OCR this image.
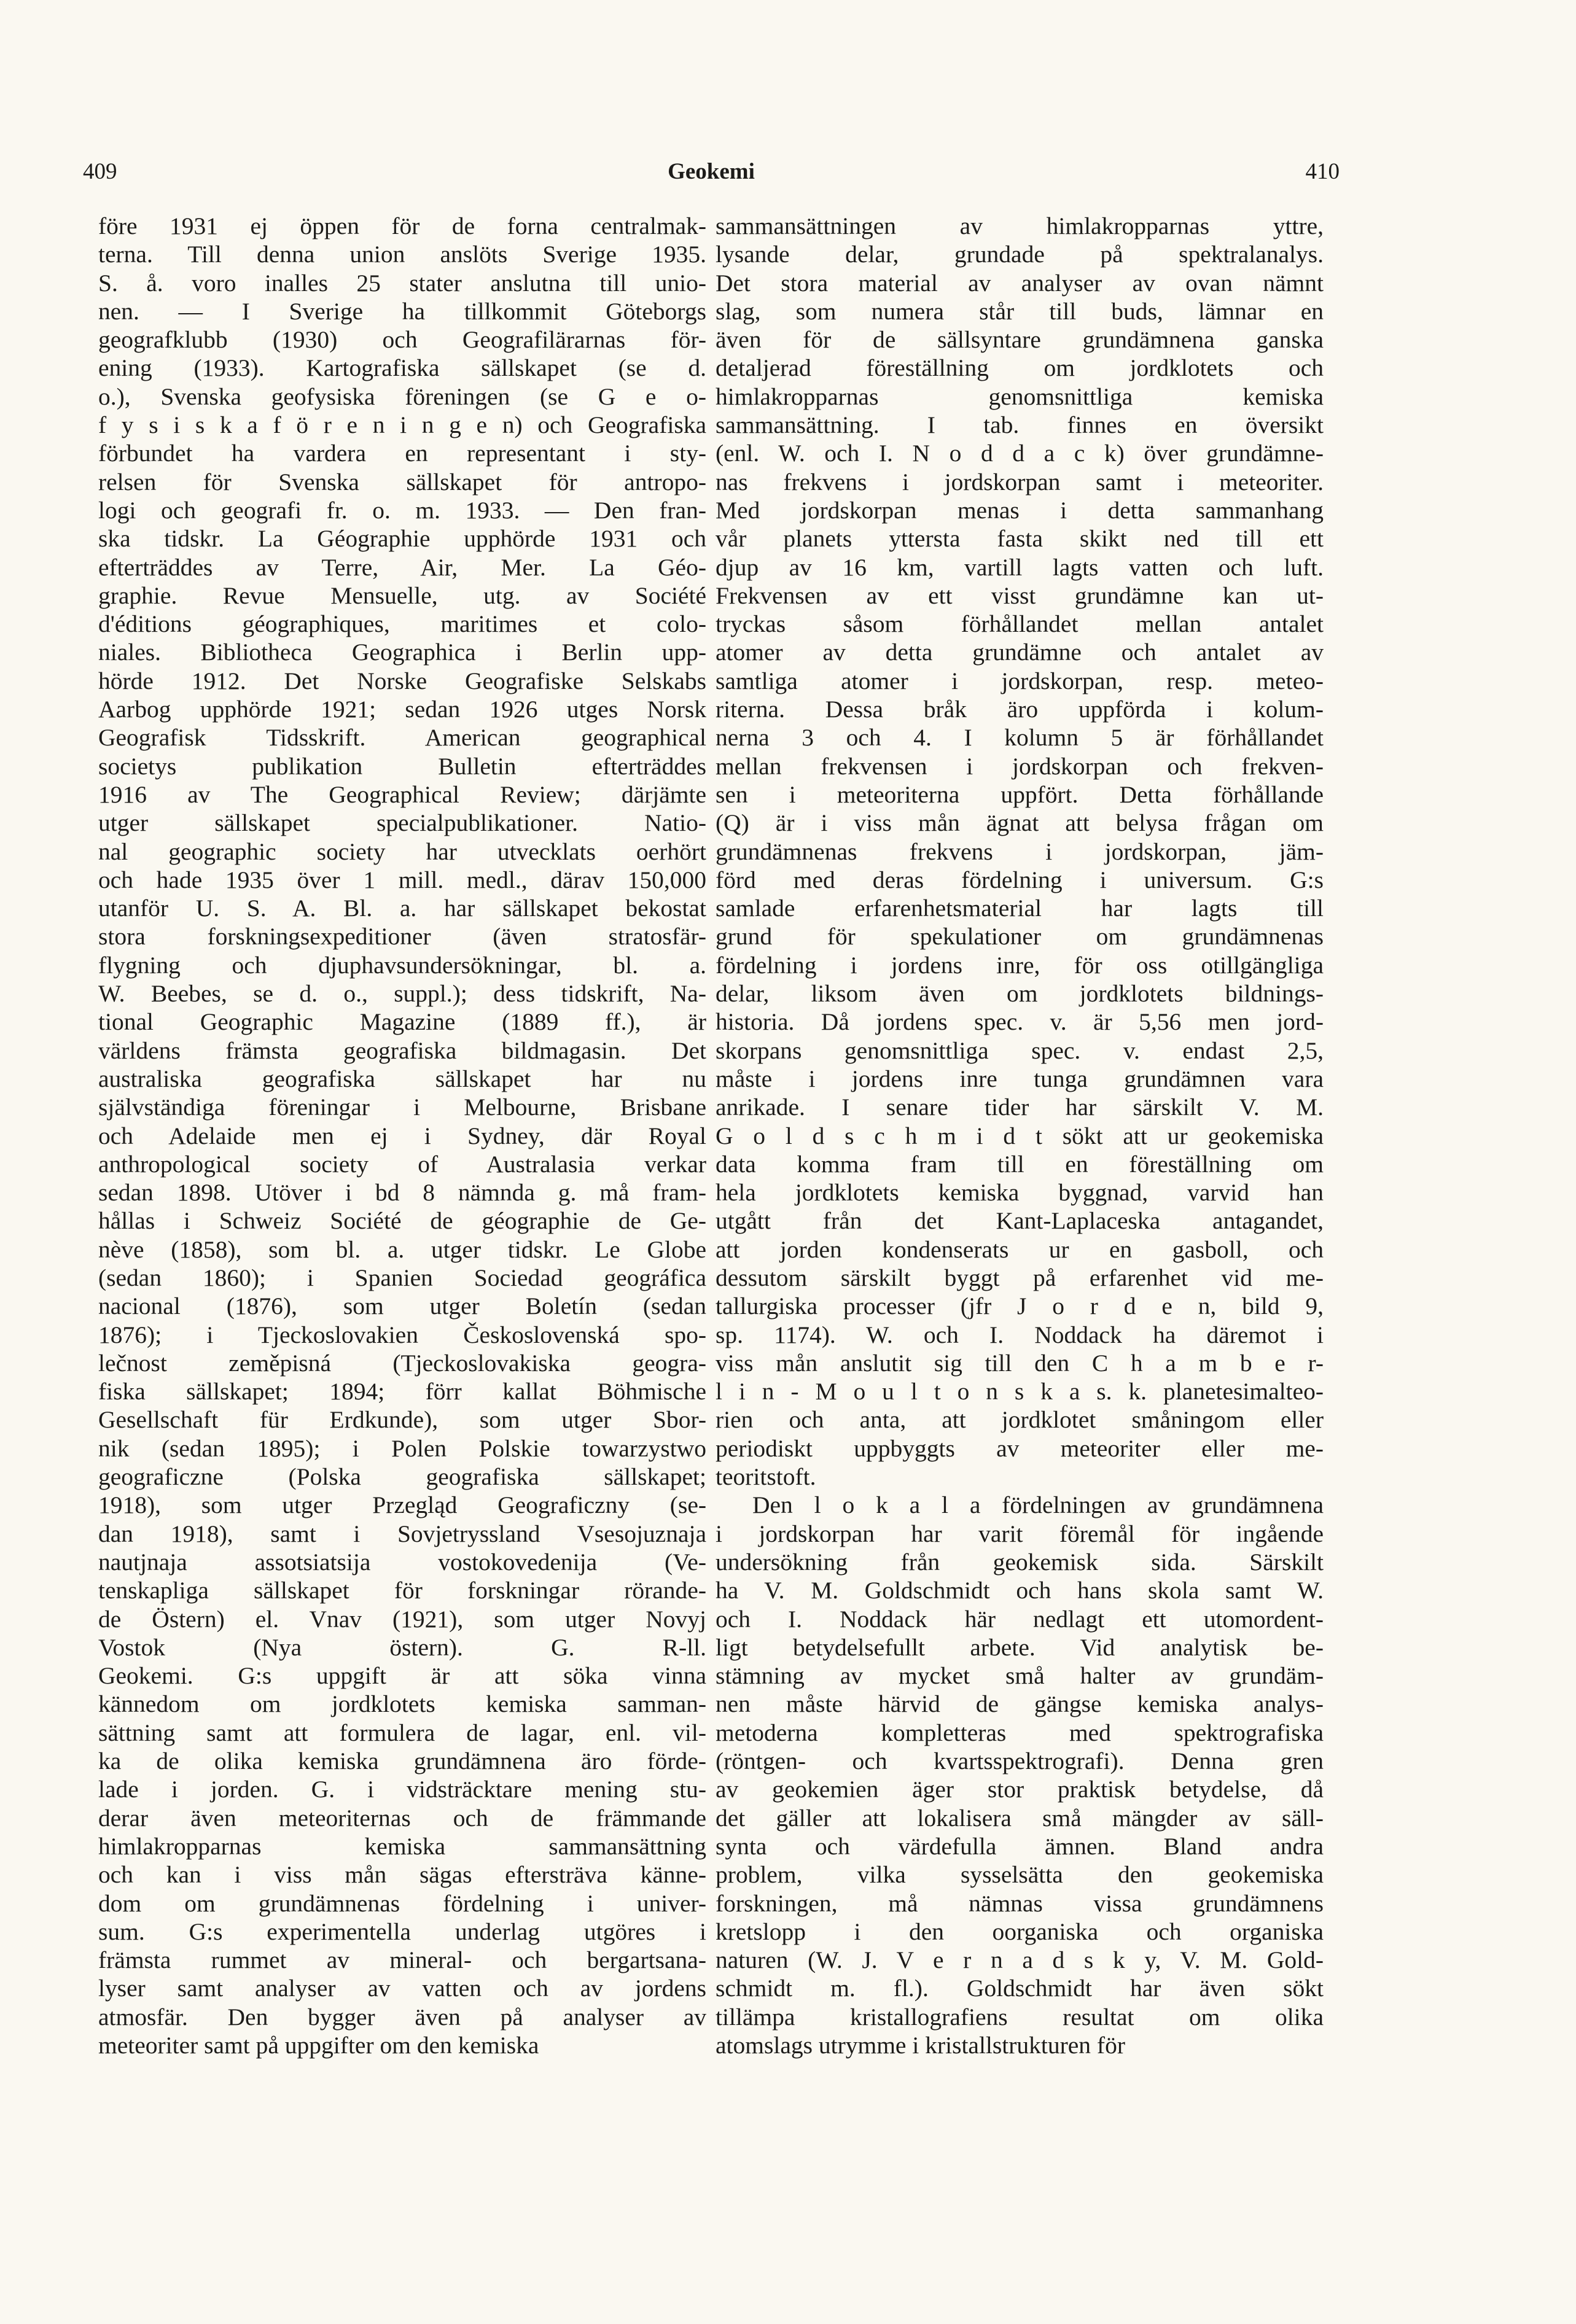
409	Geokemi	410
före 1931 ej öppen för de forna centralmak-
terna. Till denna union anslöts Sverige 1935.
S. å. voro inalles 25 stater anslutna till unio-
nen. — I Sverige ha tillkommit Göteborgs
geografklubb (1930) och Geografilärarnas för-
ening (1933). Kartografiska sällskapet (se d.
o.), Svenska geofysiska föreningen (se G e o-
f y s i s k a f ö r e n i n g e n) och Geografiska
förbundet ha vardera en representant i sty-
relsen för Svenska sällskapet för antropo-
logi och geografi fr. o. m. 1933. — Den fran-
ska tidskr. La Géographie upphörde 1931 och
efterträddes av Terre, Air, Mer. La Géo-
graphie. Revue Mensuelle, utg. av Société
d'éditions géographiques, maritimes et colo-
niales. Bibliotheca Geographica i Berlin upp-
hörde 1912. Det Norske Geografiske Selskabs
Aarbog upphörde 1921; sedan 1926 utges Norsk
Geografisk Tidsskrift. American geographical
societys publikation Bulletin efterträddes
1916 av The Geographical Review; därjämte
utger sällskapet specialpublikationer. Natio-
nal geographic society har utvecklats oerhört
och hade 1935 över 1 mill. medl., därav 150,000
utanför U. S. A. Bl. a. har sällskapet bekostat
stora forskningsexpeditioner (även stratosfär-
flygning och djuphavsundersökningar, bl. a.
W. Beebes, se d. o., suppl.); dess tidskrift, Na-
tional Geographic Magazine (1889 ff.), är
världens främsta geografiska bildmagasin. Det
australiska geografiska sällskapet har nu
självständiga föreningar i Melbourne, Brisbane
och Adelaide men ej i Sydney, där Royal
anthropological society of Australasia verkar
sedan 1898. Utöver i bd 8 nämnda g. må fram-
hållas i Schweiz Société de géographie de Ge-
nève (1858), som bl. a. utger tidskr. Le Globe
(sedan 1860); i Spanien Sociedad geográfica
nacional (1876), som utger Boletín (sedan
1876); i Tjeckoslovakien Československá spo-
lečnost zeměpisná (Tjeckoslovakiska geogra-
fiska sällskapet; 1894; förr kallat Böhmische
Gesellschaft für Erdkunde), som utger Sbor-
nik (sedan 1895); i Polen Polskie towarzystwo
geograficzne (Polska geografiska sällskapet;
1918), som utger Przegląd Geograficzny (se-
dan 1918), samt i Sovjetryssland Vsesojuznaja
nautjnaja assotsiatsija vostokovedenija (Ve-
tenskapliga sällskapet för forskningar rörande-
de Östern) el. Vnav (1921), som utger Novyj
Vostok (Nya östern). G. R-ll.
Geokemi. G:s uppgift är att söka vinna
kännedom om jordklotets kemiska samman-
sättning samt att formulera de lagar, enl. vil-
ka de olika kemiska grundämnena äro förde-
lade i jorden. G. i vidsträcktare mening stu-
derar även meteoriternas och de främmande
himlakropparnas kemiska sammansättning
och kan i viss mån sägas eftersträva känne-
dom om grundämnenas fördelning i univer-
sum. G:s experimentella underlag utgöres i
främsta rummet av mineral- och bergartsana-
lyser samt analyser av vatten och av jordens
atmosfär. Den bygger även på analyser av
meteoriter samt på uppgifter om den kemiska
sammansättningen av himlakropparnas yttre,
lysande delar, grundade på spektralanalys.
Det stora material av analyser av ovan nämnt
slag, som numera står till buds, lämnar en
även för de sällsyntare grundämnena ganska
detaljerad föreställning om jordklotets och
himlakropparnas genomsnittliga kemiska
sammansättning. I tab. finnes en översikt
(enl. W. och I. N o d d a c k) över grundämne-
nas frekvens i jordskorpan samt i meteoriter.
Med jordskorpan menas i detta sammanhang
vår planets yttersta fasta skikt ned till ett
djup av 16 km, vartill lagts vatten och luft.
Frekvensen av ett visst grundämne kan ut-
tryckas såsom förhållandet mellan antalet
atomer av detta grundämne och antalet av
samtliga atomer i jordskorpan, resp. meteo-
riterna. Dessa bråk äro uppförda i kolum-
nerna 3 och 4. I kolumn 5 är förhållandet
mellan frekvensen i jordskorpan och frekven-
sen i meteoriterna uppfört. Detta förhållande
(Q) är i viss mån ägnat att belysa frågan om
grundämnenas frekvens i jordskorpan, jäm-
förd med deras fördelning i universum. G:s
samlade erfarenhetsmaterial har lagts till
grund för spekulationer om grundämnenas
fördelning i jordens inre, för oss otillgängliga
delar, liksom även om jordklotets bildnings-
historia. Då jordens spec. v. är 5,56 men jord-
skorpans genomsnittliga spec. v. endast 2,5,
måste i jordens inre tunga grundämnen vara
anrikade. I senare tider har särskilt V. M.
G o l d s c h m i d t sökt att ur geokemiska
data komma fram till en föreställning om
hela jordklotets kemiska byggnad, varvid han
utgått från det Kant-Laplaceska antagandet,
att jorden kondenserats ur en gasboll, och
dessutom särskilt byggt på erfarenhet vid me-
tallurgiska processer (jfr J o r d e n, bild 9,
sp. 1174). W. och I. Noddack ha däremot i
viss mån anslutit sig till den C h a m b e r-
l i n - M o u l t o n s k a s. k. planetesimalteo-
rien och anta, att jordklotet småningom eller
periodiskt uppbyggts av meteoriter eller me-
teoritstoft.
Den l o k a l a fördelningen av grundämnena
i jordskorpan har varit föremål för ingående
undersökning från geokemisk sida. Särskilt
ha V. M. Goldschmidt och hans skola samt W.
och I. Noddack här nedlagt ett utomordent-
ligt betydelsefullt arbete. Vid analytisk be-
stämning av mycket små halter av grundäm-
nen måste härvid de gängse kemiska analys-
metoderna kompletteras med spektrografiska
(röntgen- och kvartsspektrografi). Denna gren
av geokemien äger stor praktisk betydelse, då
det gäller att lokalisera små mängder av säll-
synta och värdefulla ämnen. Bland andra
problem, vilka sysselsätta den geokemiska
forskningen, må nämnas vissa grundämnens
kretslopp i den oorganiska och organiska
naturen (W. J. V e r n a d s k y, V. M. Gold-
schmidt m. fl.). Goldschmidt har även sökt
tillämpa kristallografiens resultat om olika
atomslags utrymme i kristallstrukturen för
